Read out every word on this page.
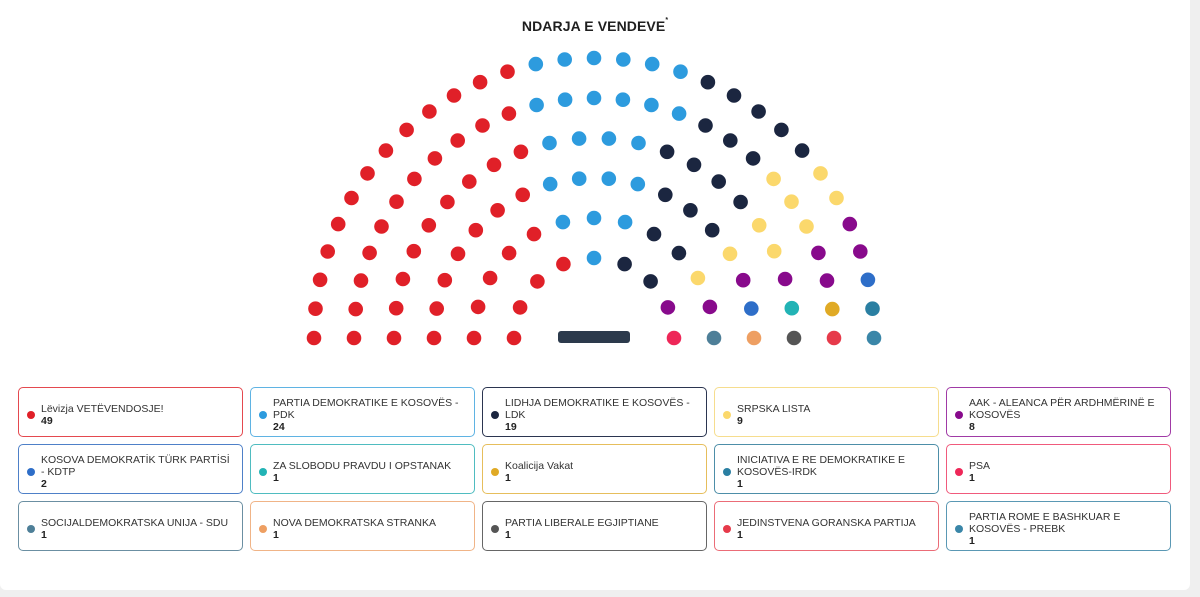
NDARJA E VENDEVE*
Lëvizja VETËVENDOSJE!
49
PARTIA DEMOKRATIKE E KOSOVËS - PDK
24
LIDHJA DEMOKRATIKE E KOSOVËS - LDK
19
SRPSKA LISTA
9
AAK - ALEANCA PËR ARDHMËRINË E KOSOVËS
8
KOSOVA DEMOKRATİK TÜRK PARTİSİ - KDTP
2
ZA SLOBODU PRAVDU I OPSTANAK
1
Koalicija Vakat
1
INICIATIVA E RE DEMOKRATIKE E KOSOVËS-IRDK
1
PSA
1
SOCIJALDEMOKRATSKA UNIJA - SDU
1
NOVA DEMOKRATSKA STRANKA
1
PARTIA LIBERALE EGJIPTIANE
1
JEDINSTVENA GORANSKA PARTIJA
1
PARTIA ROME E BASHKUAR E KOSOVËS - PREBK
1
